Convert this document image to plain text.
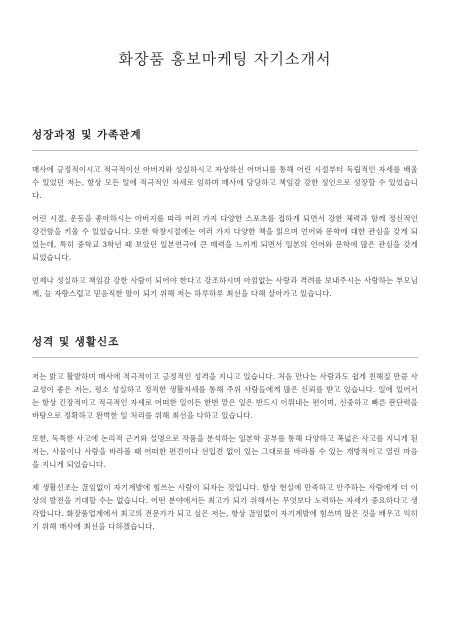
화장품 홍보마케팅 자기소개서
성장과정 및 가족관계

매사에 긍정적이시고 적극적이신 아버지와 성실하시고 자상하신 어머니를 통해 어린 시절부터 독립적인 자세를 배울 수 있었던 저는, 항상 모든 일에 적극적인 자세로 임하며 매사에 당당하고 책임감 강한 성인으로 성장할 수 있었습니다.

어린 시절, 운동을 좋아하시는 아버지를 따라 여러 가지 다양한 스포츠를 접하게 되면서 강한 체력과 함께 정신적인 강건함을 키울 수 있었습니다. 또한 학창시절에는 여러 가지 다양한 책을 읽으며 언어와 문학에 대한 관심을 갖게 되었는데, 특히 중학교 3학년 때 보았던 일본연극에 큰 매력을 느끼게 되면서 일본의 언어와 문학에 많은 관심을 갖게 되었습니다.

언제나 성실하고 책임감 강한 사람이 되어야 한다고 강조하시며 아낌없는 사랑과 격려를 보내주시는 사랑하는 부모님께, 늘 자랑스럽고 믿음직한 딸이 되기 위해 저는 하루하루 최선을 다해 살아가고 있습니다.

성격 및 생활신조

저는 밝고 활발하며 매사에 적극적이고 긍정적인 성격을 지니고 있습니다. 처음 만나는 사람과도 쉽게 친해질 만큼 사교성이 좋은 저는, 평소 성실하고 정직한 생활자세를 통해 주위 사람들에게 많은 신뢰를 받고 있습니다. 일에 있어서는 항상 긴장적이고 적극적인 자세로 어떠한 일이든 한번 맡은 일은 반드시 이뤄내는 편이며, 신중하고 빠른 판단력을 바탕으로 정확하고 완벽한 일 처리를 위해 최선을 다하고 있습니다.

또한, 독특한 사고에 논리적 근거와 설명으로 작품을 분석하는 일본학 공부를 통해 다양하고 폭넓은 사고를 지니게 된 저는, 사물이나 사람을 바라볼 때 어떠한 편견이나 선입견 없이 있는 그대로를 바라볼 수 있는 개방적이고 열린 마음을 지니게 되었습니다.

제 생활신조는 끊임없이 자기계발에 힘쓰는 사람이 되자는 것입니다. 항상 현실에 만족하고 안주하는 사람에게 더 이상의 발전을 기대할 수는 없습니다. 어떤 분야에서든 최고가 되기 위해서는 무엇보다 노력하는 자세가 중요하다고 생각합니다. 화장품업계에서 최고의 전문가가 되고 싶은 저는, 항상 끊임없이 자기계발에 힘쓰며 많은 것을 배우고 익히기 위해 매사에 최선을 다하겠습니다.
